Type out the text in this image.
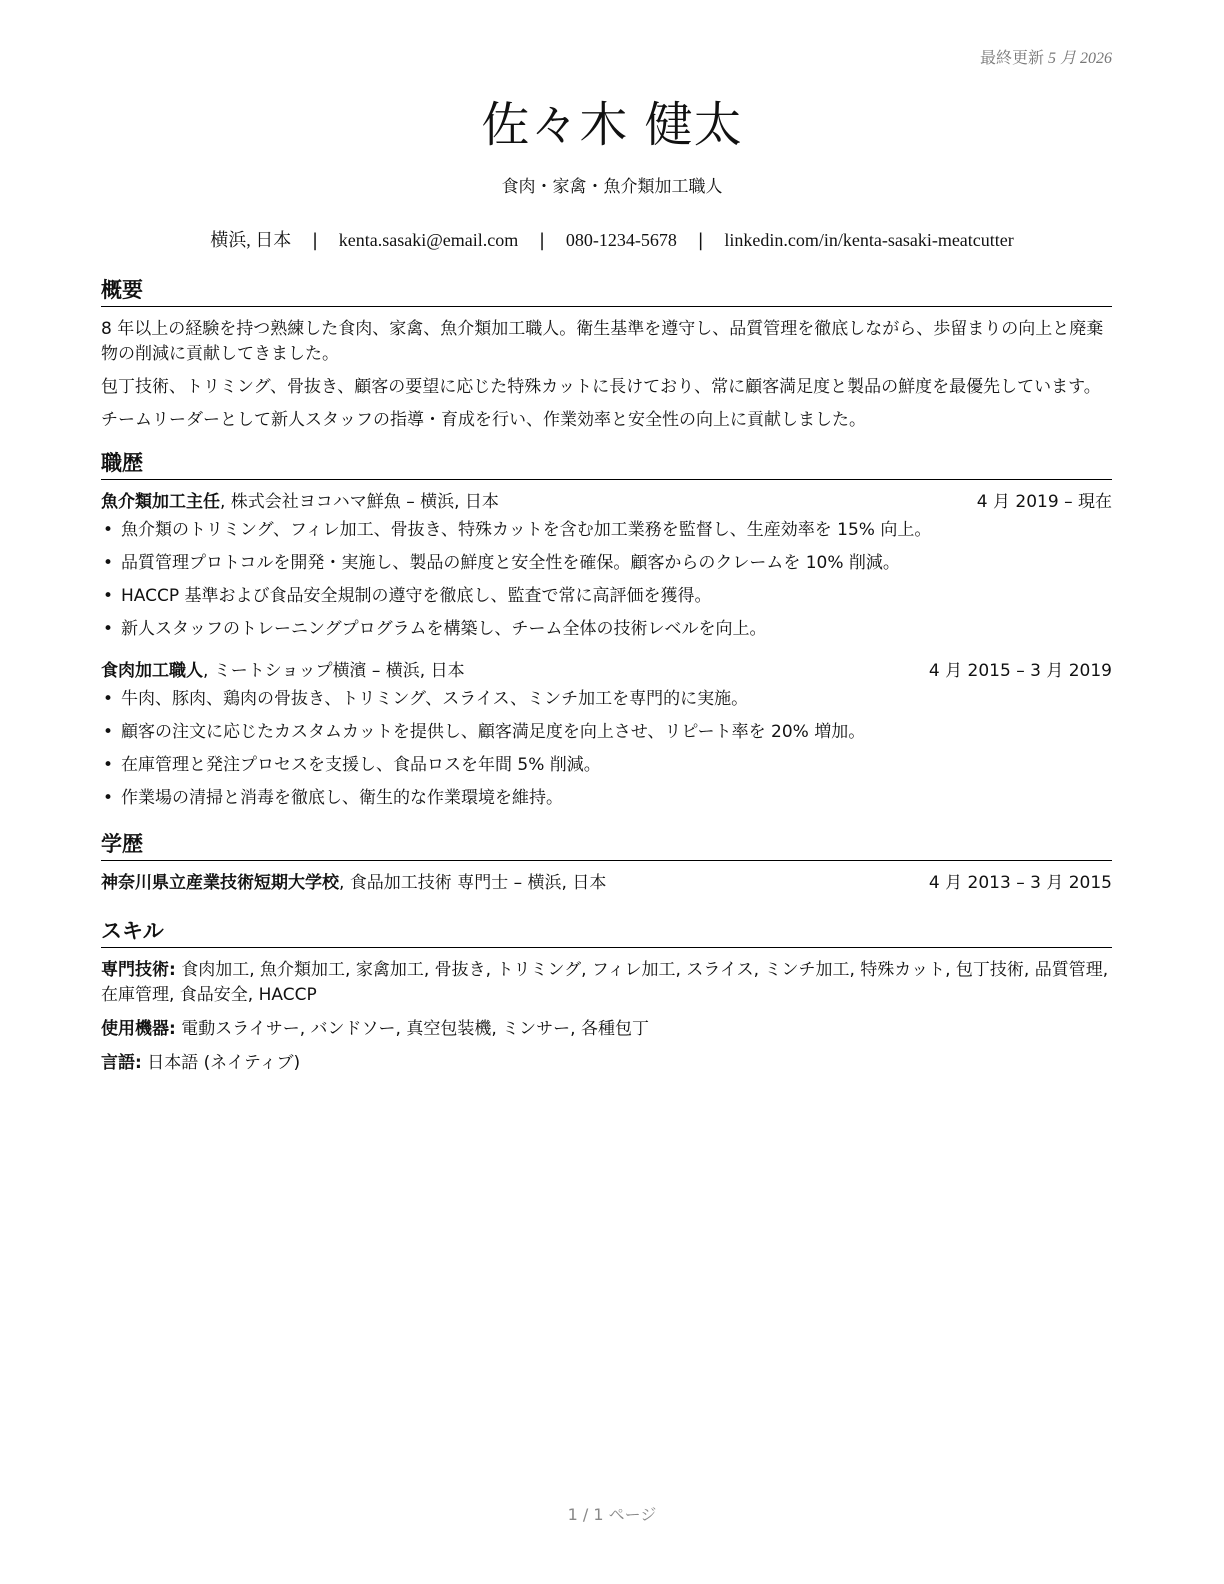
最終更新 5 月 2026
佐々木 健太
食肉・家禽・魚介類加工職人
横浜, 日本 | kenta.sasaki@email.com | 080-1234-5678 | linkedin.com/in/kenta-sasaki-meatcutter
概要

8 年以上の経験を持つ熟練した食肉、家禽、魚介類加工職人。衛生基準を遵守し、品質管理を徹底しながら、歩留まりの向上と廃棄物の削減に貢献してきました。

包丁技術、トリミング、骨抜き、顧客の要望に応じた特殊カットに長けており、常に顧客満足度と製品の鮮度を最優先しています。

チームリーダーとして新人スタッフの指導・育成を行い、作業効率と安全性の向上に貢献しました。

職歴
魚介類加工主任, 株式会社ヨコハマ鮮魚 – 横浜, 日本	4 月 2019 – 現在
• 魚介類のトリミング、フィレ加工、骨抜き、特殊カットを含む加工業務を監督し、生産効率を 15% 向上。
• 品質管理プロトコルを開発・実施し、製品の鮮度と安全性を確保。顧客からのクレームを 10% 削減。
• HACCP 基準および食品安全規制の遵守を徹底し、監査で常に高評価を獲得。
• 新人スタッフのトレーニングプログラムを構築し、チーム全体の技術レベルを向上。
食肉加工職人, ミートショップ横濱 – 横浜, 日本	4 月 2015 – 3 月 2019
• 牛肉、豚肉、鶏肉の骨抜き、トリミング、スライス、ミンチ加工を専門的に実施。
• 顧客の注文に応じたカスタムカットを提供し、顧客満足度を向上させ、リピート率を 20% 増加。
• 在庫管理と発注プロセスを支援し、食品ロスを年間 5% 削減。
• 作業場の清掃と消毒を徹底し、衛生的な作業環境を維持。
学歴
神奈川県立産業技術短期大学校, 食品加工技術 専門士 – 横浜, 日本	4 月 2013 – 3 月 2015
スキル

専門技術: 食肉加工, 魚介類加工, 家禽加工, 骨抜き, トリミング, フィレ加工, スライス, ミンチ加工, 特殊カット, 包丁技術, 品質管理, 在庫管理, 食品安全, HACCP

使用機器: 電動スライサー, バンドソー, 真空包装機, ミンサー, 各種包丁

言語: 日本語 (ネイティブ)

1 / 1 ページ
